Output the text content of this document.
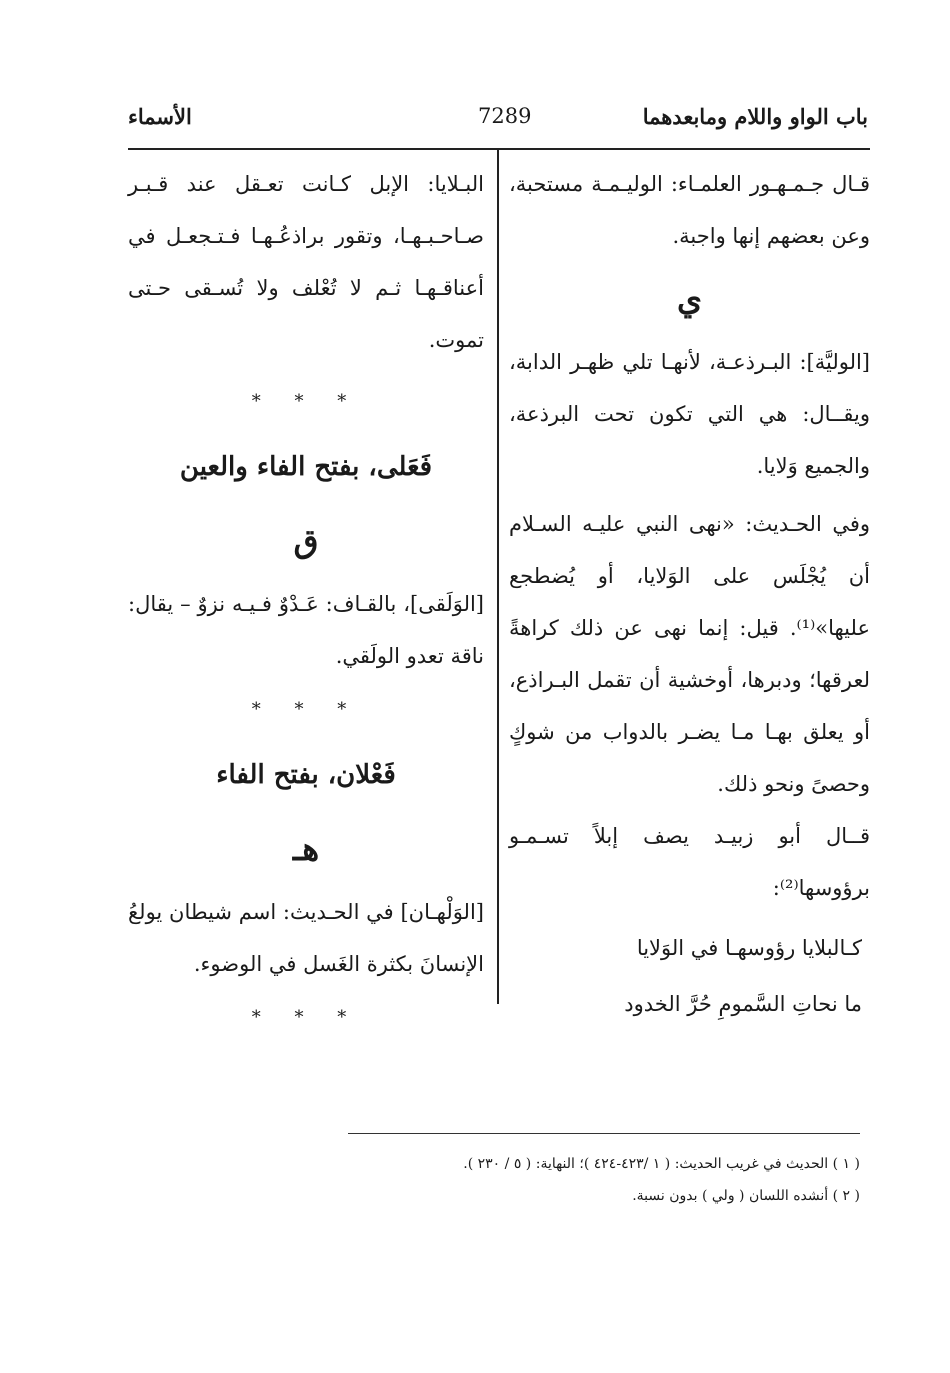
باب الواو واللام ومابعدهما
7289
الأسماء

قـال جـمـهـور العلمـاء: الوليـمـة مستحبة، وعن بعضهم إنها واجبة.

ي

[الوليَّة]: البـرذعـة، لأنهـا تلي ظهـر الدابة، ويقــال: هي التي تكون تحت البرذعة، والجميع وَلايا.

وفي الحـديث: «نهى النبي عليـه السـلام أن يُجْلَس على الوَلايا، أو يُضطجع عليها»⁽¹⁾. قيل: إنما نهى عن ذلك كراهةً لعرقها؛ ودبرها، أوخشية أن تقمل البـراذع، أو يعلق بهـا مـا يضـر بالدواب من شوكٍ وحصىً ونحو ذلك.

قــال أبو زبيـد يصف إبلاً تسـمـو برؤوسها⁽²⁾:

كـالبلايا رؤوسهـا في الوَلايا

ما نحاتِ السَّمومِ حُرَّ الخدود

البـلايا: الإبل كـانت تعـقل عند قـبـر صـاحـبـهـا، وتقور براذعُـهـا فـتـجعـل في أعناقـهـا ثـم لا تُعْلف ولا تُسـقى حـتى تموت.

* * *
فَعَلى، بفتح الفاء والعين
ق

[الوَلَقى]، بالقـاف: عَـدْوٌ فـيـه نزوٌ – يقال: ناقة تعدو الولَقي.

* * *
فَعْلان، بفتح الفاء
هـ

[الوَلْهـان] في الحـديث: اسم شيطان يولعُ الإنسانَ بكثرة الغَسل في الوضوء.

* * *

( ١ ) الحديث في غريب الحديث: ( ١ /٤٢٣-٤٢٤ )؛ النهاية: ( ٥ / ٢٣٠ ).

( ٢ ) أنشده اللسان ( ولي ) بدون نسبة.
